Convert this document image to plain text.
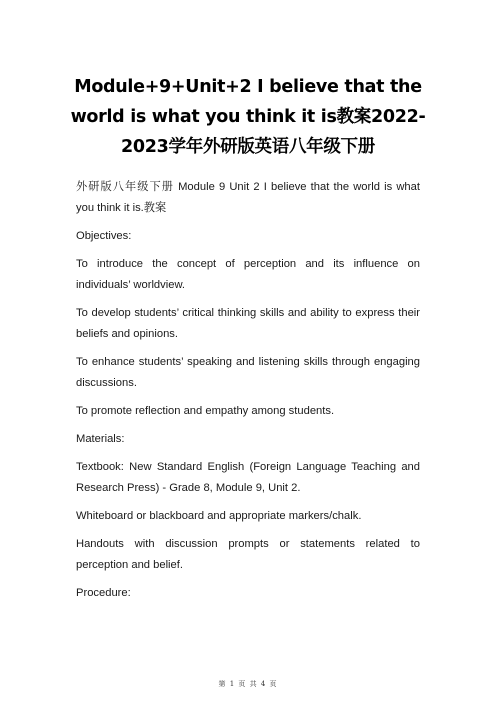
Module+9+Unit+2 I believe that the world is what you think it is教案2022-2023学年外研版英语八年级下册

外研版八年级下册 Module 9 Unit 2 I believe that the world is what you think it is.教案

Objectives:

To introduce the concept of perception and its influence on individuals’ worldview.

To develop students’ critical thinking skills and ability to express their beliefs and opinions.

To enhance students’ speaking and listening skills through engaging discussions.

To promote reflection and empathy among students.

Materials:

Textbook: New Standard English (Foreign Language Teaching and Research Press) - Grade 8, Module 9, Unit 2.

Whiteboard or blackboard and appropriate markers/chalk.

Handouts with discussion prompts or statements related to perception and belief.

Procedure:

第 1 页 共 4 页
